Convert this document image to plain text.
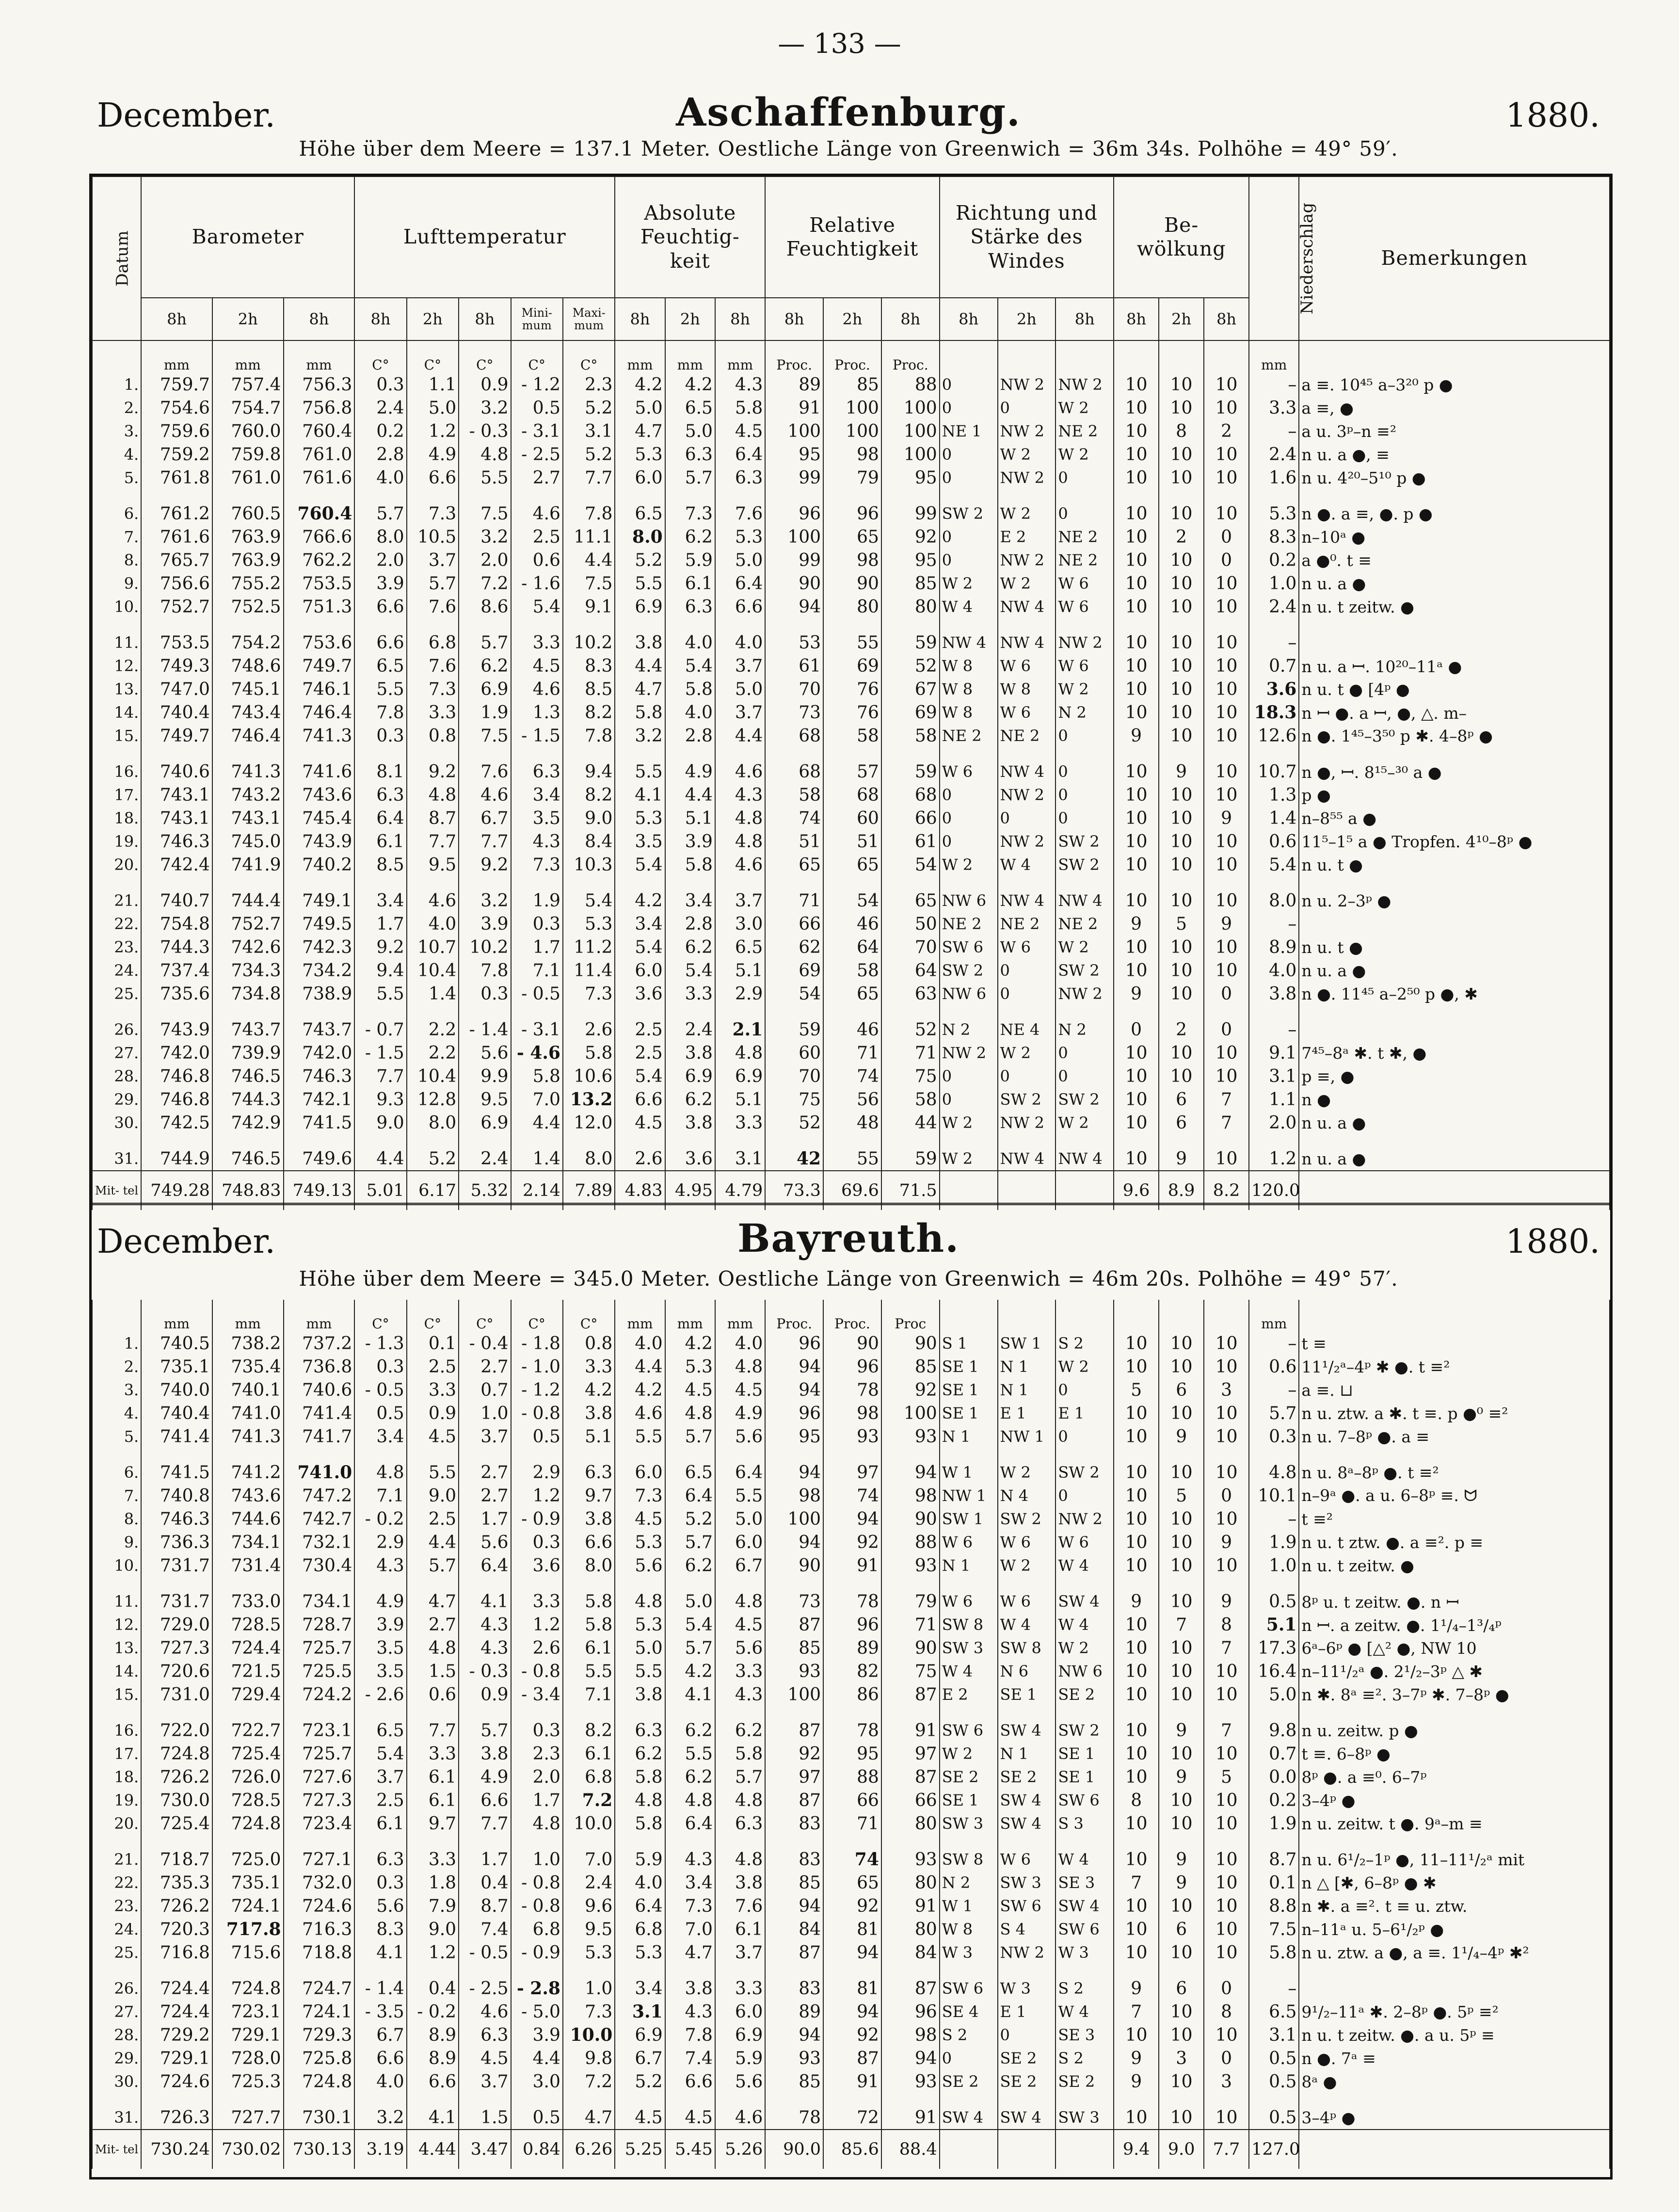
— 133 —
Aschaffenburg.
December.	1880.
Höhe über dem Meere = 137.1 Meter. Oestliche Länge von Greenwich = 36m 34s. Polhöhe = 49° 59′.
Datum	Barometer			Lufttemperatur					Absolute Feuchtig- keit			Relative Feuchtigkeit			Richtung und Stärke des Windes			Be- wölkung			Niederschlag	Bemerkungen
	8h	2h	8h	8h	2h	8h	Mini- mum	Maxi- mum	8h	2h	8h	8h	2h	8h	8h	2h	8h	8h	2h	8h		
	mm	mm	mm	C°	C°	C°	C°	C°	mm	mm	mm	Proc.	Proc.	Proc.							mm	
1.	759.7	757.4	756.3	0.3	1.1	0.9	- 1.2	2.3	4.2	4.2	4.3	89	85	88	0	NW 2	NW 2	10	10	10	–	a ≡. 10⁴⁵ a–3²⁰ p ●
2.	754.6	754.7	756.8	2.4	5.0	3.2	0.5	5.2	5.0	6.5	5.8	91	100	100	0	0	W 2	10	10	10	3.3	a ≡, ●
3.	759.6	760.0	760.4	0.2	1.2	- 0.3	- 3.1	3.1	4.7	5.0	4.5	100	100	100	NE 1	NW 2	NE 2	10	8	2	–	a u. 3ᵖ–n ≡²
4.	759.2	759.8	761.0	2.8	4.9	4.8	- 2.5	5.2	5.3	6.3	6.4	95	98	100	0	W 2	W 2	10	10	10	2.4	n u. a ●, ≡
5.	761.8	761.0	761.6	4.0	6.6	5.5	2.7	7.7	6.0	5.7	6.3	99	79	95	0	NW 2	0	10	10	10	1.6	n u. 4²⁰–5¹⁰ p ●
6.	761.2	760.5	760.4	5.7	7.3	7.5	4.6	7.8	6.5	7.3	7.6	96	96	99	SW 2	W 2	0	10	10	10	5.3	n ●. a ≡, ●. p ●
7.	761.6	763.9	766.6	8.0	10.5	3.2	2.5	11.1	8.0	6.2	5.3	100	65	92	0	E 2	NE 2	10	2	0	8.3	n–10ᵃ ●
8.	765.7	763.9	762.2	2.0	3.7	2.0	0.6	4.4	5.2	5.9	5.0	99	98	95	0	NW 2	NE 2	10	10	0	0.2	a ●⁰. t ≡
9.	756.6	755.2	753.5	3.9	5.7	7.2	- 1.6	7.5	5.5	6.1	6.4	90	90	85	W 2	W 2	W 6	10	10	10	1.0	n u. a ●
10.	752.7	752.5	751.3	6.6	7.6	8.6	5.4	9.1	6.9	6.3	6.6	94	80	80	W 4	NW 4	W 6	10	10	10	2.4	n u. t zeitw. ●
11.	753.5	754.2	753.6	6.6	6.8	5.7	3.3	10.2	3.8	4.0	4.0	53	55	59	NW 4	NW 4	NW 2	10	10	10	–	
12.	749.3	748.6	749.7	6.5	7.6	6.2	4.5	8.3	4.4	5.4	3.7	61	69	52	W 8	W 6	W 6	10	10	10	0.7	n u. a ꟷ. 10²⁰–11ᵃ ●
13.	747.0	745.1	746.1	5.5	7.3	6.9	4.6	8.5	4.7	5.8	5.0	70	76	67	W 8	W 8	W 2	10	10	10	3.6	n u. t ● [4ᵖ ●
14.	740.4	743.4	746.4	7.8	3.3	1.9	1.3	8.2	5.8	4.0	3.7	73	76	69	W 8	W 6	N 2	10	10	10	18.3	n ꟷ ●. a ꟷ, ●, △. m–
15.	749.7	746.4	741.3	0.3	0.8	7.5	- 1.5	7.8	3.2	2.8	4.4	68	58	58	NE 2	NE 2	0	9	10	10	12.6	n ●. 1⁴⁵–3⁵⁰ p ✱. 4–8ᵖ ●
16.	740.6	741.3	741.6	8.1	9.2	7.6	6.3	9.4	5.5	4.9	4.6	68	57	59	W 6	NW 4	0	10	9	10	10.7	n ●, ꟷ. 8¹⁵–³⁰ a ●
17.	743.1	743.2	743.6	6.3	4.8	4.6	3.4	8.2	4.1	4.4	4.3	58	68	68	0	NW 2	0	10	10	10	1.3	p ●
18.	743.1	743.1	745.4	6.4	8.7	6.7	3.5	9.0	5.3	5.1	4.8	74	60	66	0	0	0	10	10	9	1.4	n–8⁵⁵ a ●
19.	746.3	745.0	743.9	6.1	7.7	7.7	4.3	8.4	3.5	3.9	4.8	51	51	61	0	NW 2	SW 2	10	10	10	0.6	11⁵–1⁵ a ● Tropfen. 4¹⁰–8ᵖ ●
20.	742.4	741.9	740.2	8.5	9.5	9.2	7.3	10.3	5.4	5.8	4.6	65	65	54	W 2	W 4	SW 2	10	10	10	5.4	n u. t ●
21.	740.7	744.4	749.1	3.4	4.6	3.2	1.9	5.4	4.2	3.4	3.7	71	54	65	NW 6	NW 4	NW 4	10	10	10	8.0	n u. 2–3ᵖ ●
22.	754.8	752.7	749.5	1.7	4.0	3.9	0.3	5.3	3.4	2.8	3.0	66	46	50	NE 2	NE 2	NE 2	9	5	9	–	
23.	744.3	742.6	742.3	9.2	10.7	10.2	1.7	11.2	5.4	6.2	6.5	62	64	70	SW 6	W 6	W 2	10	10	10	8.9	n u. t ●
24.	737.4	734.3	734.2	9.4	10.4	7.8	7.1	11.4	6.0	5.4	5.1	69	58	64	SW 2	0	SW 2	10	10	10	4.0	n u. a ●
25.	735.6	734.8	738.9	5.5	1.4	0.3	- 0.5	7.3	3.6	3.3	2.9	54	65	63	NW 6	0	NW 2	9	10	0	3.8	n ●. 11⁴⁵ a–2⁵⁰ p ●, ✱
26.	743.9	743.7	743.7	- 0.7	2.2	- 1.4	- 3.1	2.6	2.5	2.4	2.1	59	46	52	N 2	NE 4	N 2	0	2	0	–	
27.	742.0	739.9	742.0	- 1.5	2.2	5.6	- 4.6	5.8	2.5	3.8	4.8	60	71	71	NW 2	W 2	0	10	10	10	9.1	7⁴⁵–8ᵃ ✱. t ✱, ●
28.	746.8	746.5	746.3	7.7	10.4	9.9	5.8	10.6	5.4	6.9	6.9	70	74	75	0	0	0	10	10	10	3.1	p ≡, ●
29.	746.8	744.3	742.1	9.3	12.8	9.5	7.0	13.2	6.6	6.2	5.1	75	56	58	0	SW 2	SW 2	10	6	7	1.1	n ●
30.	742.5	742.9	741.5	9.0	8.0	6.9	4.4	12.0	4.5	3.8	3.3	52	48	44	W 2	NW 2	W 2	10	6	7	2.0	n u. a ●
31.	744.9	746.5	749.6	4.4	5.2	2.4	1.4	8.0	2.6	3.6	3.1	42	55	59	W 2	NW 4	NW 4	10	9	10	1.2	n u. a ●
Mit- tel	749.28	748.83	749.13	5.01	6.17	5.32	2.14	7.89	4.83	4.95	4.79	73.3	69.6	71.5				9.6	8.9	8.2	120.0	
Bayreuth.
December.	1880.
Höhe über dem Meere = 345.0 Meter. Oestliche Länge von Greenwich = 46m 20s. Polhöhe = 49° 57′.
	mm	mm	mm	C°	C°	C°	C°	C°	mm	mm	mm	Proc.	Proc.	Proc							mm	
1.	740.5	738.2	737.2	- 1.3	0.1	- 0.4	- 1.8	0.8	4.0	4.2	4.0	96	90	90	S 1	SW 1	S 2	10	10	10	–	t ≡
2.	735.1	735.4	736.8	0.3	2.5	2.7	- 1.0	3.3	4.4	5.3	4.8	94	96	85	SE 1	N 1	W 2	10	10	10	0.6	11¹/₂ᵃ–4ᵖ ✱ ●. t ≡²
3.	740.0	740.1	740.6	- 0.5	3.3	0.7	- 1.2	4.2	4.2	4.5	4.5	94	78	92	SE 1	N 1	0	5	6	3	–	a ≡. ⊔
4.	740.4	741.0	741.4	0.5	0.9	1.0	- 0.8	3.8	4.6	4.8	4.9	96	98	100	SE 1	E 1	E 1	10	10	10	5.7	n u. ztw. a ✱. t ≡. p ●⁰ ≡²
5.	741.4	741.3	741.7	3.4	4.5	3.7	0.5	5.1	5.5	5.7	5.6	95	93	93	N 1	NW 1	0	10	9	10	0.3	n u. 7–8ᵖ ●. a ≡
6.	741.5	741.2	741.0	4.8	5.5	2.7	2.9	6.3	6.0	6.5	6.4	94	97	94	W 1	W 2	SW 2	10	10	10	4.8	n u. 8ᵃ–8ᵖ ●. t ≡²
7.	740.8	743.6	747.2	7.1	9.0	2.7	1.2	9.7	7.3	6.4	5.5	98	74	98	NW 1	N 4	0	10	5	0	10.1	n–9ᵃ ●. a u. 6–8ᵖ ≡. ᗢ
8.	746.3	744.6	742.7	- 0.2	2.5	1.7	- 0.9	3.8	4.5	5.2	5.0	100	94	90	SW 1	SW 2	NW 2	10	10	10	–	t ≡²
9.	736.3	734.1	732.1	2.9	4.4	5.6	0.3	6.6	5.3	5.7	6.0	94	92	88	W 6	W 6	W 6	10	10	9	1.9	n u. t ztw. ●. a ≡². p ≡
10.	731.7	731.4	730.4	4.3	5.7	6.4	3.6	8.0	5.6	6.2	6.7	90	91	93	N 1	W 2	W 4	10	10	10	1.0	n u. t zeitw. ●
11.	731.7	733.0	734.1	4.9	4.7	4.1	3.3	5.8	4.8	5.0	4.8	73	78	79	W 6	W 6	SW 4	9	10	9	0.5	8ᵖ u. t zeitw. ●. n ꟷ
12.	729.0	728.5	728.7	3.9	2.7	4.3	1.2	5.8	5.3	5.4	4.5	87	96	71	SW 8	W 4	W 4	10	7	8	5.1	n ꟷ. a zeitw. ●. 1¹/₄–1³/₄ᵖ
13.	727.3	724.4	725.7	3.5	4.8	4.3	2.6	6.1	5.0	5.7	5.6	85	89	90	SW 3	SW 8	W 2	10	10	7	17.3	6ᵃ–6ᵖ ● [△² ●, NW 10
14.	720.6	721.5	725.5	3.5	1.5	- 0.3	- 0.8	5.5	5.5	4.2	3.3	93	82	75	W 4	N 6	NW 6	10	10	10	16.4	n–11¹/₂ᵃ ●. 2¹/₂–3ᵖ △ ✱
15.	731.0	729.4	724.2	- 2.6	0.6	0.9	- 3.4	7.1	3.8	4.1	4.3	100	86	87	E 2	SE 1	SE 2	10	10	10	5.0	n ✱. 8ᵃ ≡². 3–7ᵖ ✱. 7–8ᵖ ●
16.	722.0	722.7	723.1	6.5	7.7	5.7	0.3	8.2	6.3	6.2	6.2	87	78	91	SW 6	SW 4	SW 2	10	9	7	9.8	n u. zeitw. p ●
17.	724.8	725.4	725.7	5.4	3.3	3.8	2.3	6.1	6.2	5.5	5.8	92	95	97	W 2	N 1	SE 1	10	10	10	0.7	t ≡. 6–8ᵖ ●
18.	726.2	726.0	727.6	3.7	6.1	4.9	2.0	6.8	5.8	6.2	5.7	97	88	87	SE 2	SE 2	SE 1	10	9	5	0.0	8ᵖ ●. a ≡⁰. 6–7ᵖ
19.	730.0	728.5	727.3	2.5	6.1	6.6	1.7	7.2	4.8	4.8	4.8	87	66	66	SE 1	SW 4	SW 6	8	10	10	0.2	3–4ᵖ ●
20.	725.4	724.8	723.4	6.1	9.7	7.7	4.8	10.0	5.8	6.4	6.3	83	71	80	SW 3	SW 4	S 3	10	10	10	1.9	n u. zeitw. t ●. 9ᵃ–m ≡
21.	718.7	725.0	727.1	6.3	3.3	1.7	1.0	7.0	5.9	4.3	4.8	83	74	93	SW 8	W 6	W 4	10	9	10	8.7	n u. 6¹/₂–1ᵖ ●, 11–11¹/₂ᵃ mit
22.	735.3	735.1	732.0	0.3	1.8	0.4	- 0.8	2.4	4.0	3.4	3.8	85	65	80	N 2	SW 3	SE 3	7	9	10	0.1	n △ [✱, 6–8ᵖ ● ✱
23.	726.2	724.1	724.6	5.6	7.9	8.7	- 0.8	9.6	6.4	7.3	7.6	94	92	91	W 1	SW 6	SW 4	10	10	10	8.8	n ✱. a ≡². t ≡ u. ztw.
24.	720.3	717.8	716.3	8.3	9.0	7.4	6.8	9.5	6.8	7.0	6.1	84	81	80	W 8	S 4	SW 6	10	6	10	7.5	n–11ᵃ u. 5–6¹/₂ᵖ ●
25.	716.8	715.6	718.8	4.1	1.2	- 0.5	- 0.9	5.3	5.3	4.7	3.7	87	94	84	W 3	NW 2	W 3	10	10	10	5.8	n u. ztw. a ●, a ≡. 1¹/₄–4ᵖ ✱²
26.	724.4	724.8	724.7	- 1.4	0.4	- 2.5	- 2.8	1.0	3.4	3.8	3.3	83	81	87	SW 6	W 3	S 2	9	6	0	–	
27.	724.4	723.1	724.1	- 3.5	- 0.2	4.6	- 5.0	7.3	3.1	4.3	6.0	89	94	96	SE 4	E 1	W 4	7	10	8	6.5	9¹/₂–11ᵃ ✱. 2–8ᵖ ●. 5ᵖ ≡²
28.	729.2	729.1	729.3	6.7	8.9	6.3	3.9	10.0	6.9	7.8	6.9	94	92	98	S 2	0	SE 3	10	10	10	3.1	n u. t zeitw. ●. a u. 5ᵖ ≡
29.	729.1	728.0	725.8	6.6	8.9	4.5	4.4	9.8	6.7	7.4	5.9	93	87	94	0	SE 2	S 2	9	3	0	0.5	n ●. 7ᵃ ≡
30.	724.6	725.3	724.8	4.0	6.6	3.7	3.0	7.2	5.2	6.6	5.6	85	91	93	SE 2	SE 2	SE 2	9	10	3	0.5	8ᵃ ●
31.	726.3	727.7	730.1	3.2	4.1	1.5	0.5	4.7	4.5	4.5	4.6	78	72	91	SW 4	SW 4	SW 3	10	10	10	0.5	3–4ᵖ ●
Mit- tel	730.24	730.02	730.13	3.19	4.44	3.47	0.84	6.26	5.25	5.45	5.26	90.0	85.6	88.4				9.4	9.0	7.7	127.0	
